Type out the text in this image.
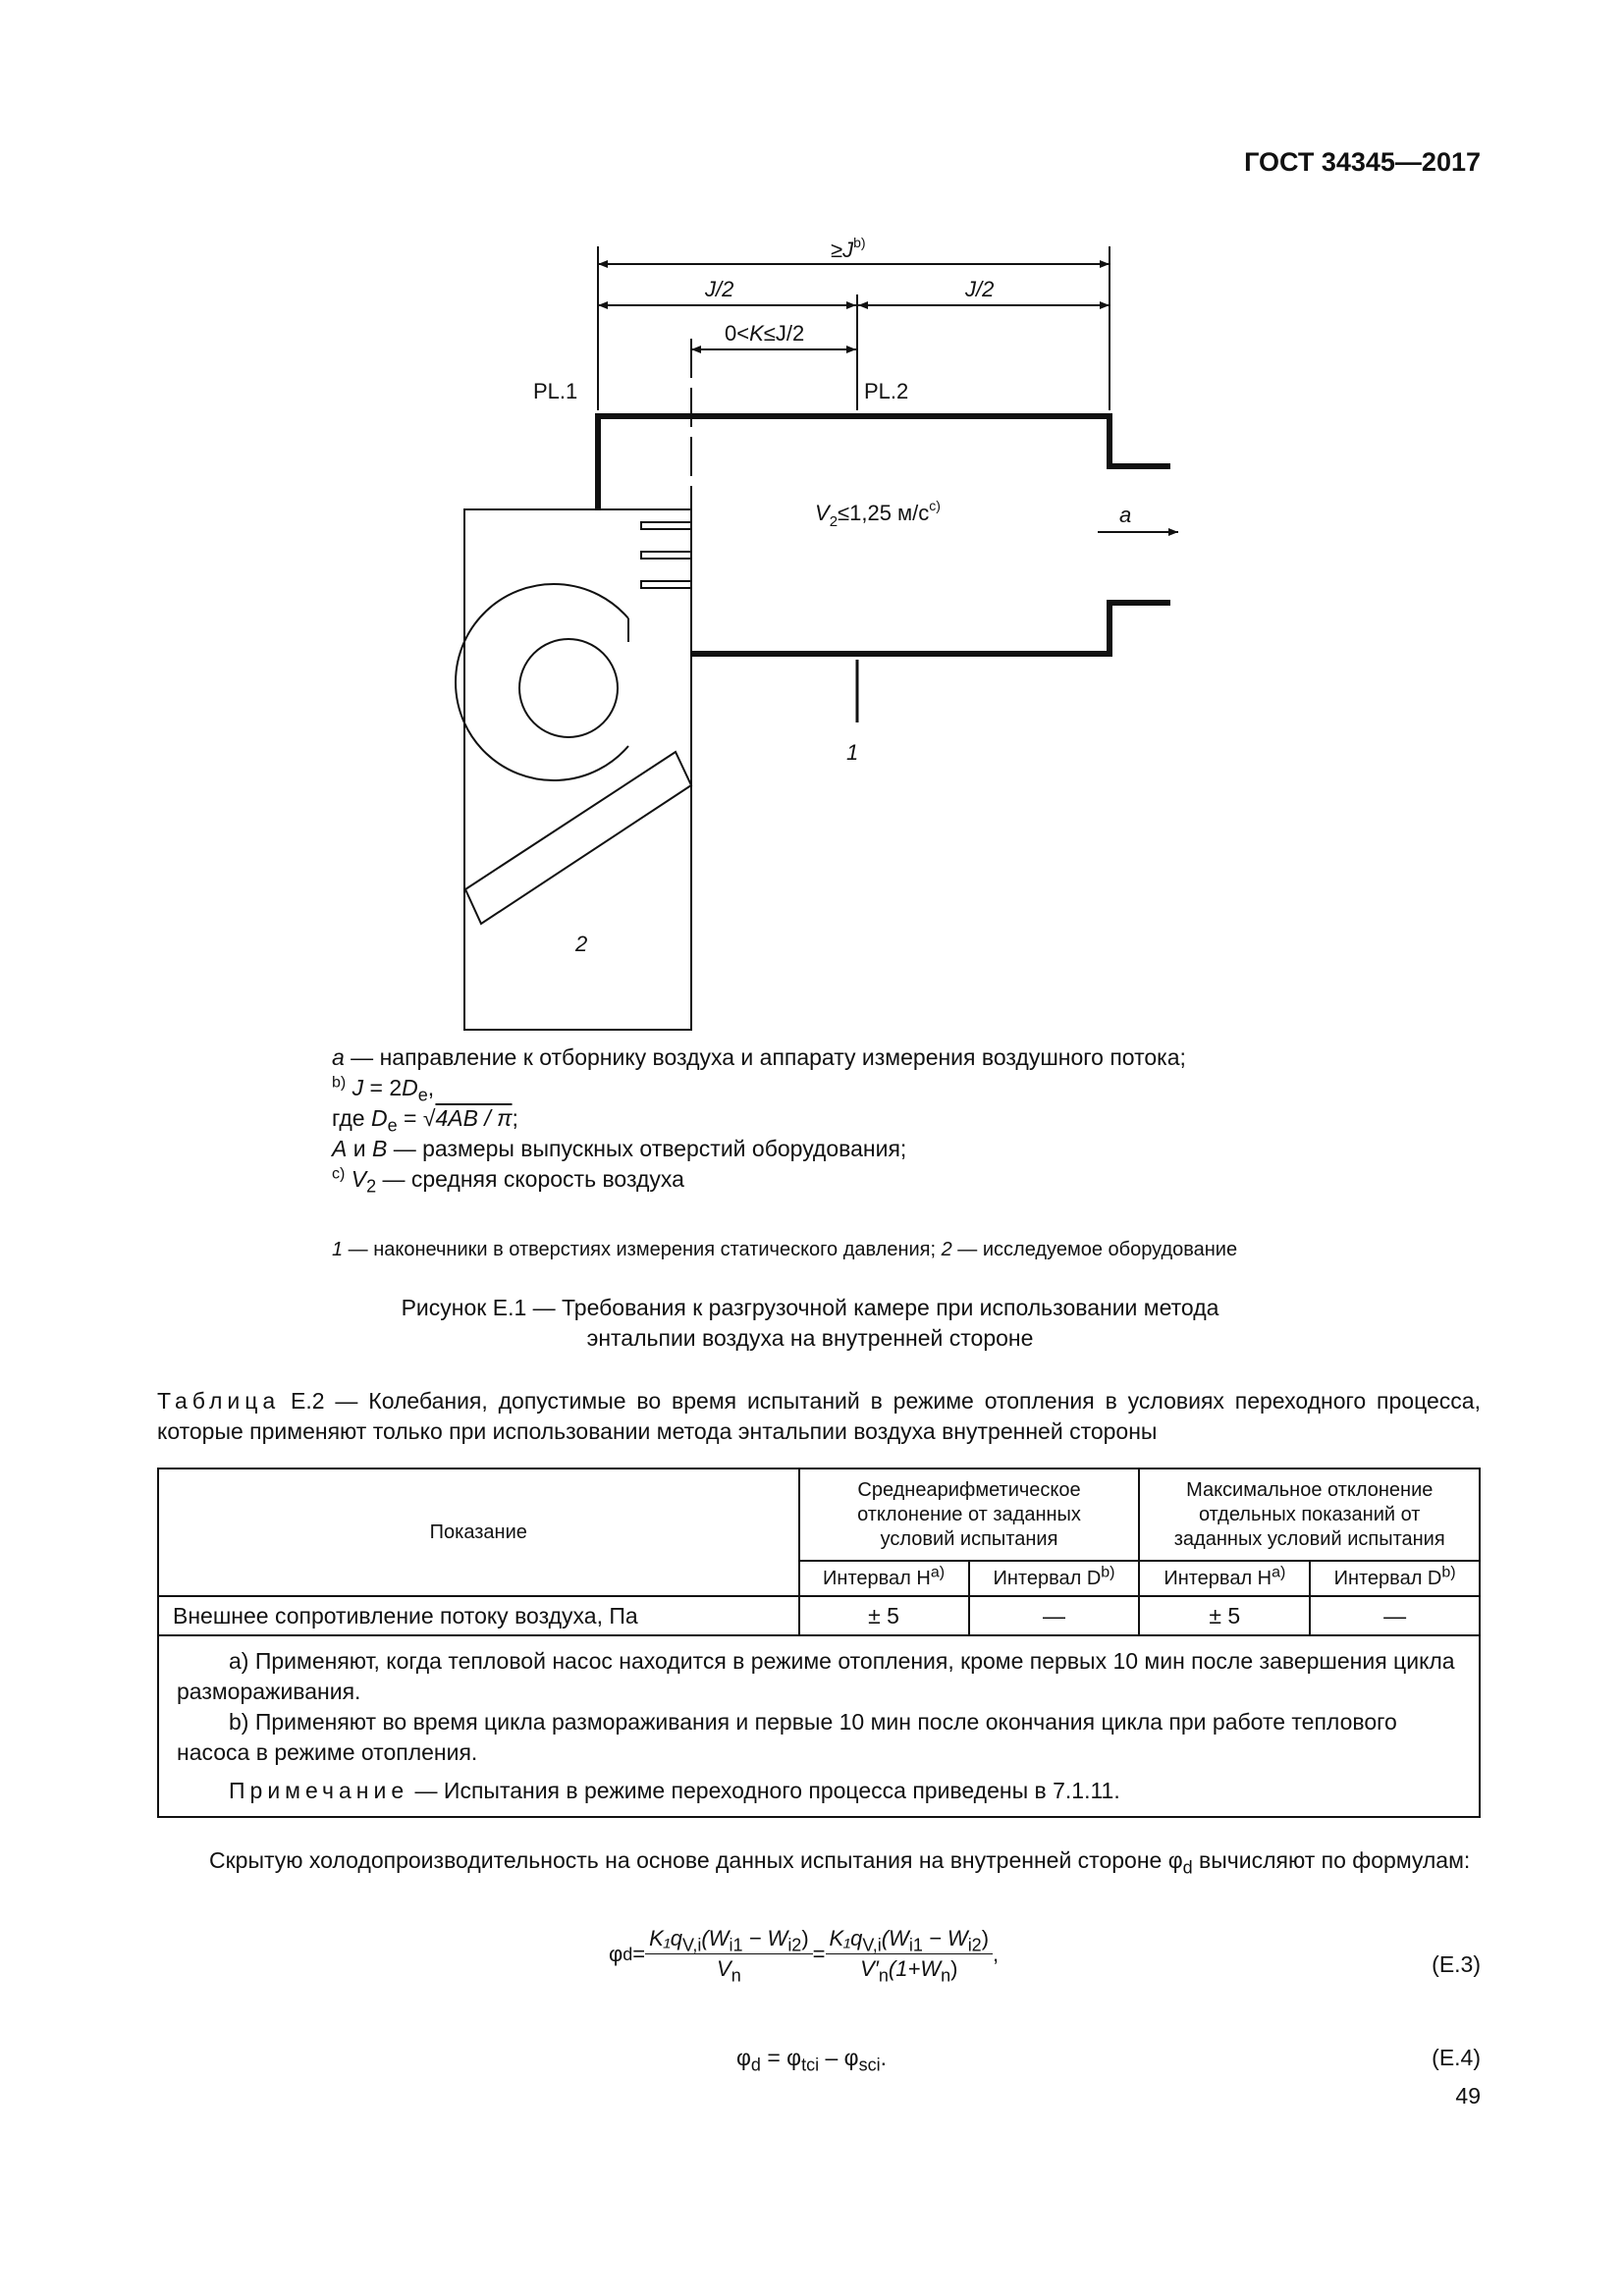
ГОСТ 34345—2017
$\ge J^{b)}$
J/2	J/2
0<K≤J/2
PL.1	PL.2
$V_2\le 1,25$ $м/с^{c)}$	a
1
2
a — направление к отборнику воздуха и аппарату измерения воздушного потока;
$^{b)}$ $J = 2D_e$,
где $D_e = √4AB / \pi$;
A и B — размеры выпускных отверстий оборудования;
$^{c)}$ $V_2$ — средняя скорость воздуха
1 — наконечники в отверстиях измерения статического давления; 2 — исследуемое оборудование
Рисунок Е.1 — Требования к разгрузочной камере при использовании метода
энтальпии воздуха на внутренней стороне
Таблица Е.2 — Колебания, допустимые во время испытаний в режиме отопления в условиях переходного процесса, которые применяют только при использовании метода энтальпии воздуха внутренней стороны
Показание	Среднеарифметическое отклонение от заданных условий испытания		Максимальное отклонение отдельных показаний от заданных условий испытания	
	Интервал $H^{a)}$	Интервал $D^{b)}$	Интервал $H^{a)}$	Интервал $D^{b)}$
Внешнее сопротивление потоку воздуха, Па	± 5	—	± 5	—

a) Применяют, когда тепловой насос находится в режиме отопления, кроме первых 10 мин после завершения цикла размораживания.
b) Применяют во время цикла размораживания и первые 10 мин после окончания цикла при работе теплового насоса в режиме отопления.
Примечание — Испытания в режиме переходного процесса приведены в 7.1.11.				
Скрытую холодопроизводительность на основе данных испытания на внутренней стороне $\varphi_d$ вычисляют по формулам:
φ $d = \frac{K_1q_{V,i}(W_{i1} - W_{i2})}{V_n} = \frac{K_1q_{V,i}(W_{i1} - W_{i2})}{V'_n(1+W_n)}$ ,	(Е.3)
$\varphi_d = \varphi_{tci} - \varphi_{sci}$.	(Е.4)
49
